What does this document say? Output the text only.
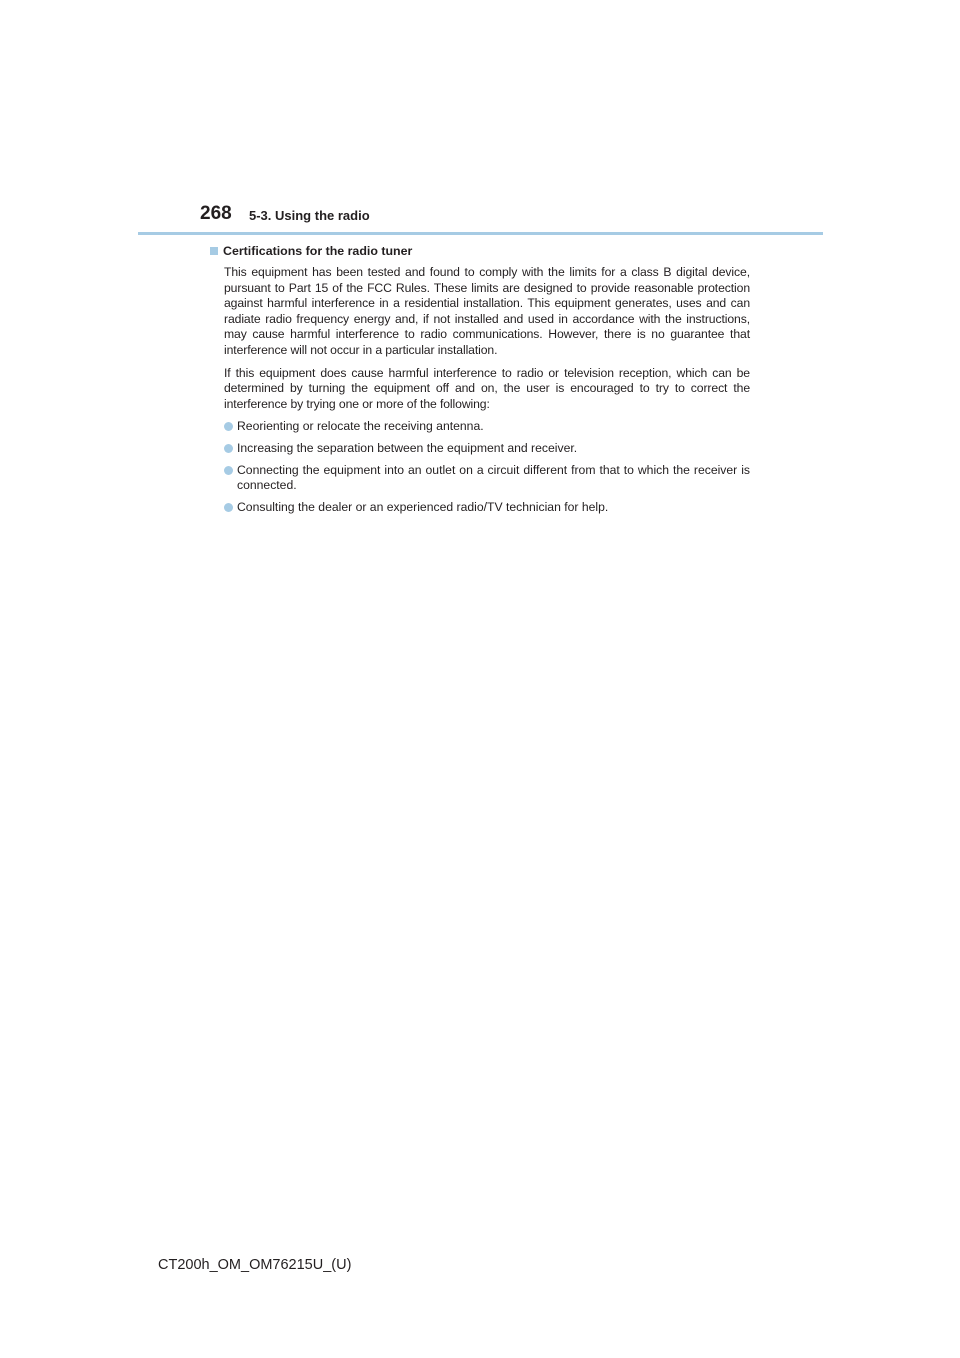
268 5-3. Using the radio
Certifications for the radio tuner

This equipment has been tested and found to comply with the limits for a class B digital device, pursuant to Part 15 of the FCC Rules. These limits are designed to provide reasonable protection against harmful interference in a residential installation. This equipment generates, uses and can radiate radio frequency energy and, if not installed and used in accordance with the instructions, may cause harmful interference to radio communications. However, there is no guarantee that interference will not occur in a particular installation.

If this equipment does cause harmful interference to radio or television reception, which can be determined by turning the equipment off and on, the user is encouraged to try to correct the interference by trying one or more of the following:

Reorienting or relocate the receiving antenna.
Increasing the separation between the equipment and receiver.
Connecting the equipment into an outlet on a circuit different from that to which the receiver is connected.
Consulting the dealer or an experienced radio/TV technician for help.
CT200h_OM_OM76215U_(U)
